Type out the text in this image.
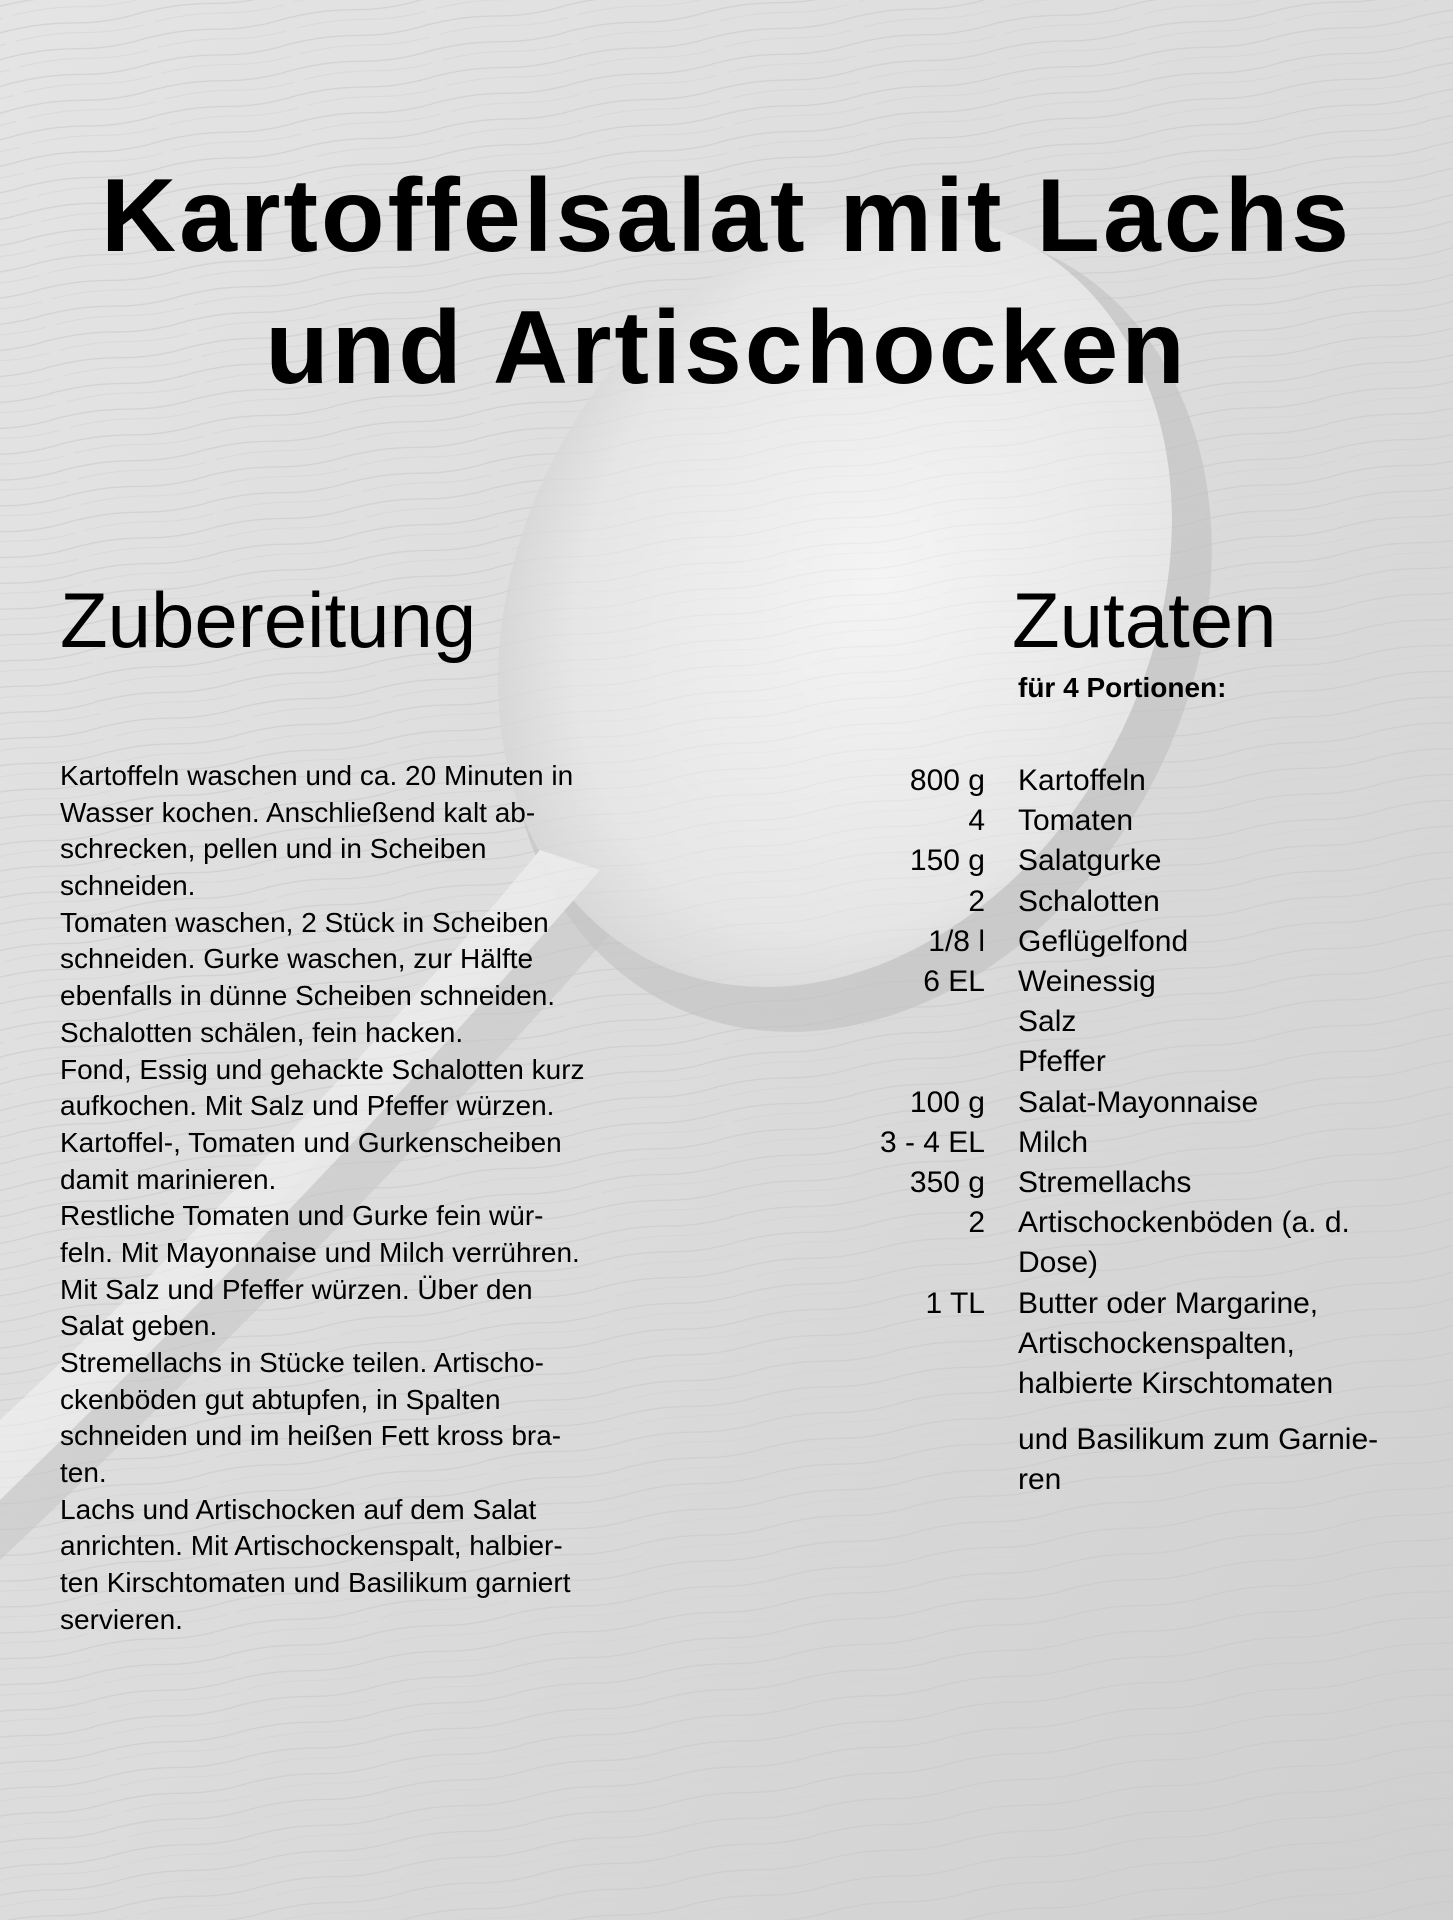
Kartoffelsalat mit Lachs
und Artischocken
Zubereitung	Zutaten
für 4 Portionen:
Kartoffeln waschen und ca. 20 Minuten in
Wasser kochen. Anschließend kalt ab-
schrecken, pellen und in Scheiben
schneiden.
Tomaten waschen, 2 Stück in Scheiben
schneiden. Gurke waschen, zur Hälfte
ebenfalls in dünne Scheiben schneiden.
Schalotten schälen, fein hacken.
Fond, Essig und gehackte Schalotten kurz
aufkochen. Mit Salz und Pfeffer würzen.
Kartoffel-, Tomaten und Gurkenscheiben
damit marinieren.
Restliche Tomaten und Gurke fein wür-
feln. Mit Mayonnaise und Milch verrühren.
Mit Salz und Pfeffer würzen. Über den
Salat geben.
Stremellachs in Stücke teilen. Artischo-
ckenböden gut abtupfen, in Spalten
schneiden und im heißen Fett kross bra-
ten.
Lachs und Artischocken auf dem Salat
anrichten. Mit Artischockenspalt, halbier-
ten Kirschtomaten und Basilikum garniert
servieren.
800 g	Kartoffeln
4	Tomaten
150 g	Salatgurke
2	Schalotten
1/8 l	Geflügelfond
6 EL	Weinessig
Salz
Pfeffer
100 g	Salat-Mayonnaise
3 - 4 EL	Milch
350 g	Stremellachs
2	Artischockenböden (a. d.
Dose)
1 TL	Butter oder Margarine,
Artischockenspalten,
halbierte Kirschtomaten
und Basilikum zum Garnie-
ren
